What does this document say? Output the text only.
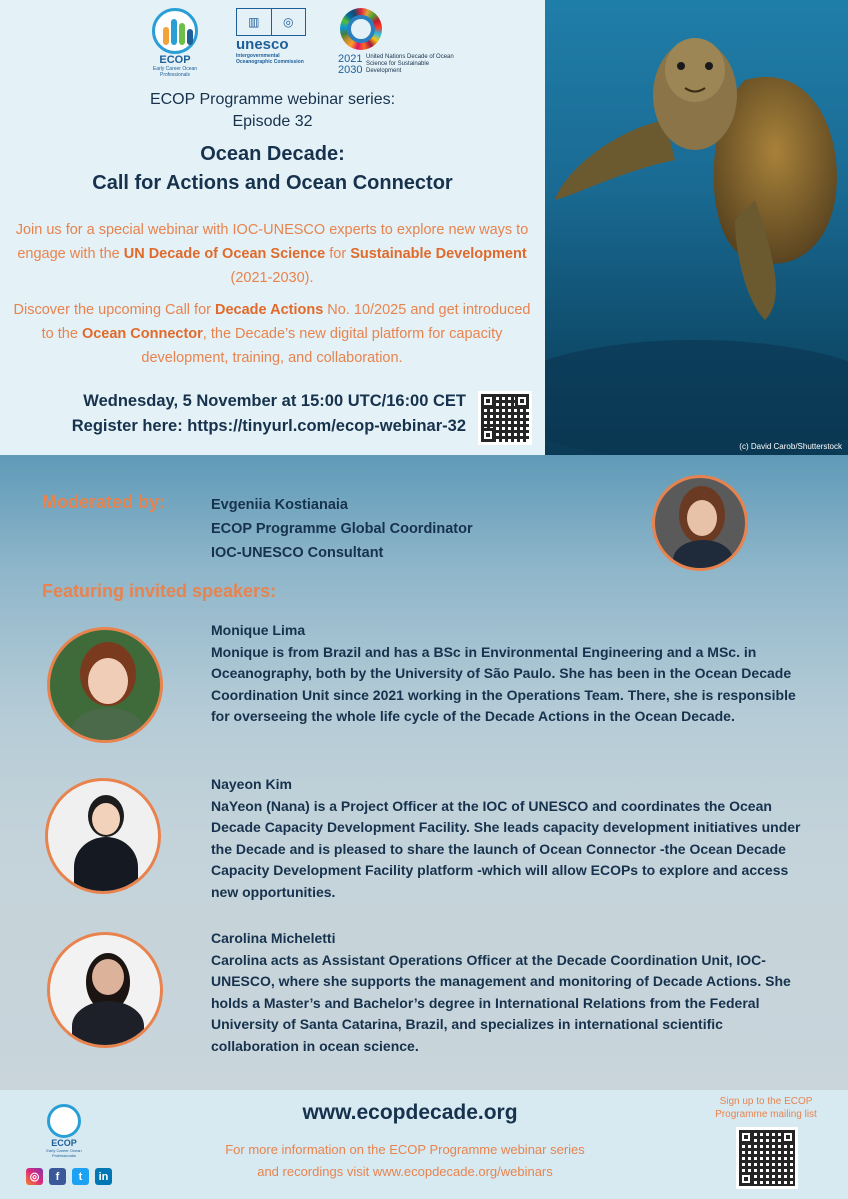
ECOP
Early Career Ocean Professionals
▥	◎
unesco
Intergovernmental Oceanographic Commission	2021 2030
United Nations Decade of Ocean Science for Sustainable Development
ECOP Programme webinar series:
Episode 32
Ocean Decade:
Call for Actions and Ocean Connector
Join us for a special webinar with IOC-UNESCO experts to explore new ways to engage with the UN Decade of Ocean Science for Sustainable Development (2021-2030).
Discover the upcoming Call for Decade Actions No. 10/2025 and get introduced to the Ocean Connector, the Decade’s new digital platform for capacity development, training, and collaboration.
Wednesday, 5 November at 15:00 UTC/16:00 CET
Register here: https://tinyurl.com/ecop-webinar-32
(c) David Carob/Shutterstock
Moderated by:	Evgeniia Kostianaia
ECOP Programme Global Coordinator
IOC-UNESCO Consultant
Featuring invited speakers:
Monique Lima
Monique is from Brazil and has a BSc in Environmental Engineering and a MSc. in Oceanography, both by the University of São Paulo. She has been in the Ocean Decade Coordination Unit since 2021 working in the Operations Team. There, she is responsible for overseeing the whole life cycle of the Decade Actions in the Ocean Decade.
Nayeon Kim
NaYeon (Nana) is a Project Officer at the IOC of UNESCO and coordinates the Ocean Decade Capacity Development Facility. She leads capacity development initiatives under the Decade and is pleased to share the launch of Ocean Connector -the Ocean Decade Capacity Development Facility platform -which will allow ECOPs to explore and access new opportunities.
Carolina Micheletti
Carolina acts as Assistant Operations Officer at the Decade Coordination Unit, IOC-UNESCO, where she supports the management and monitoring of Decade Actions. She holds a Master’s and Bachelor’s degree in International Relations from the Federal University of Santa Catarina, Brazil, and specializes in international scientific collaboration in ocean science.
ECOP
Early Career Ocean Professionals
◎	f	t	in
www.ecopdecade.org
For more information on the ECOP Programme webinar series
and recordings visit www.ecopdecade.org/webinars
Sign up to the ECOP Programme mailing list
